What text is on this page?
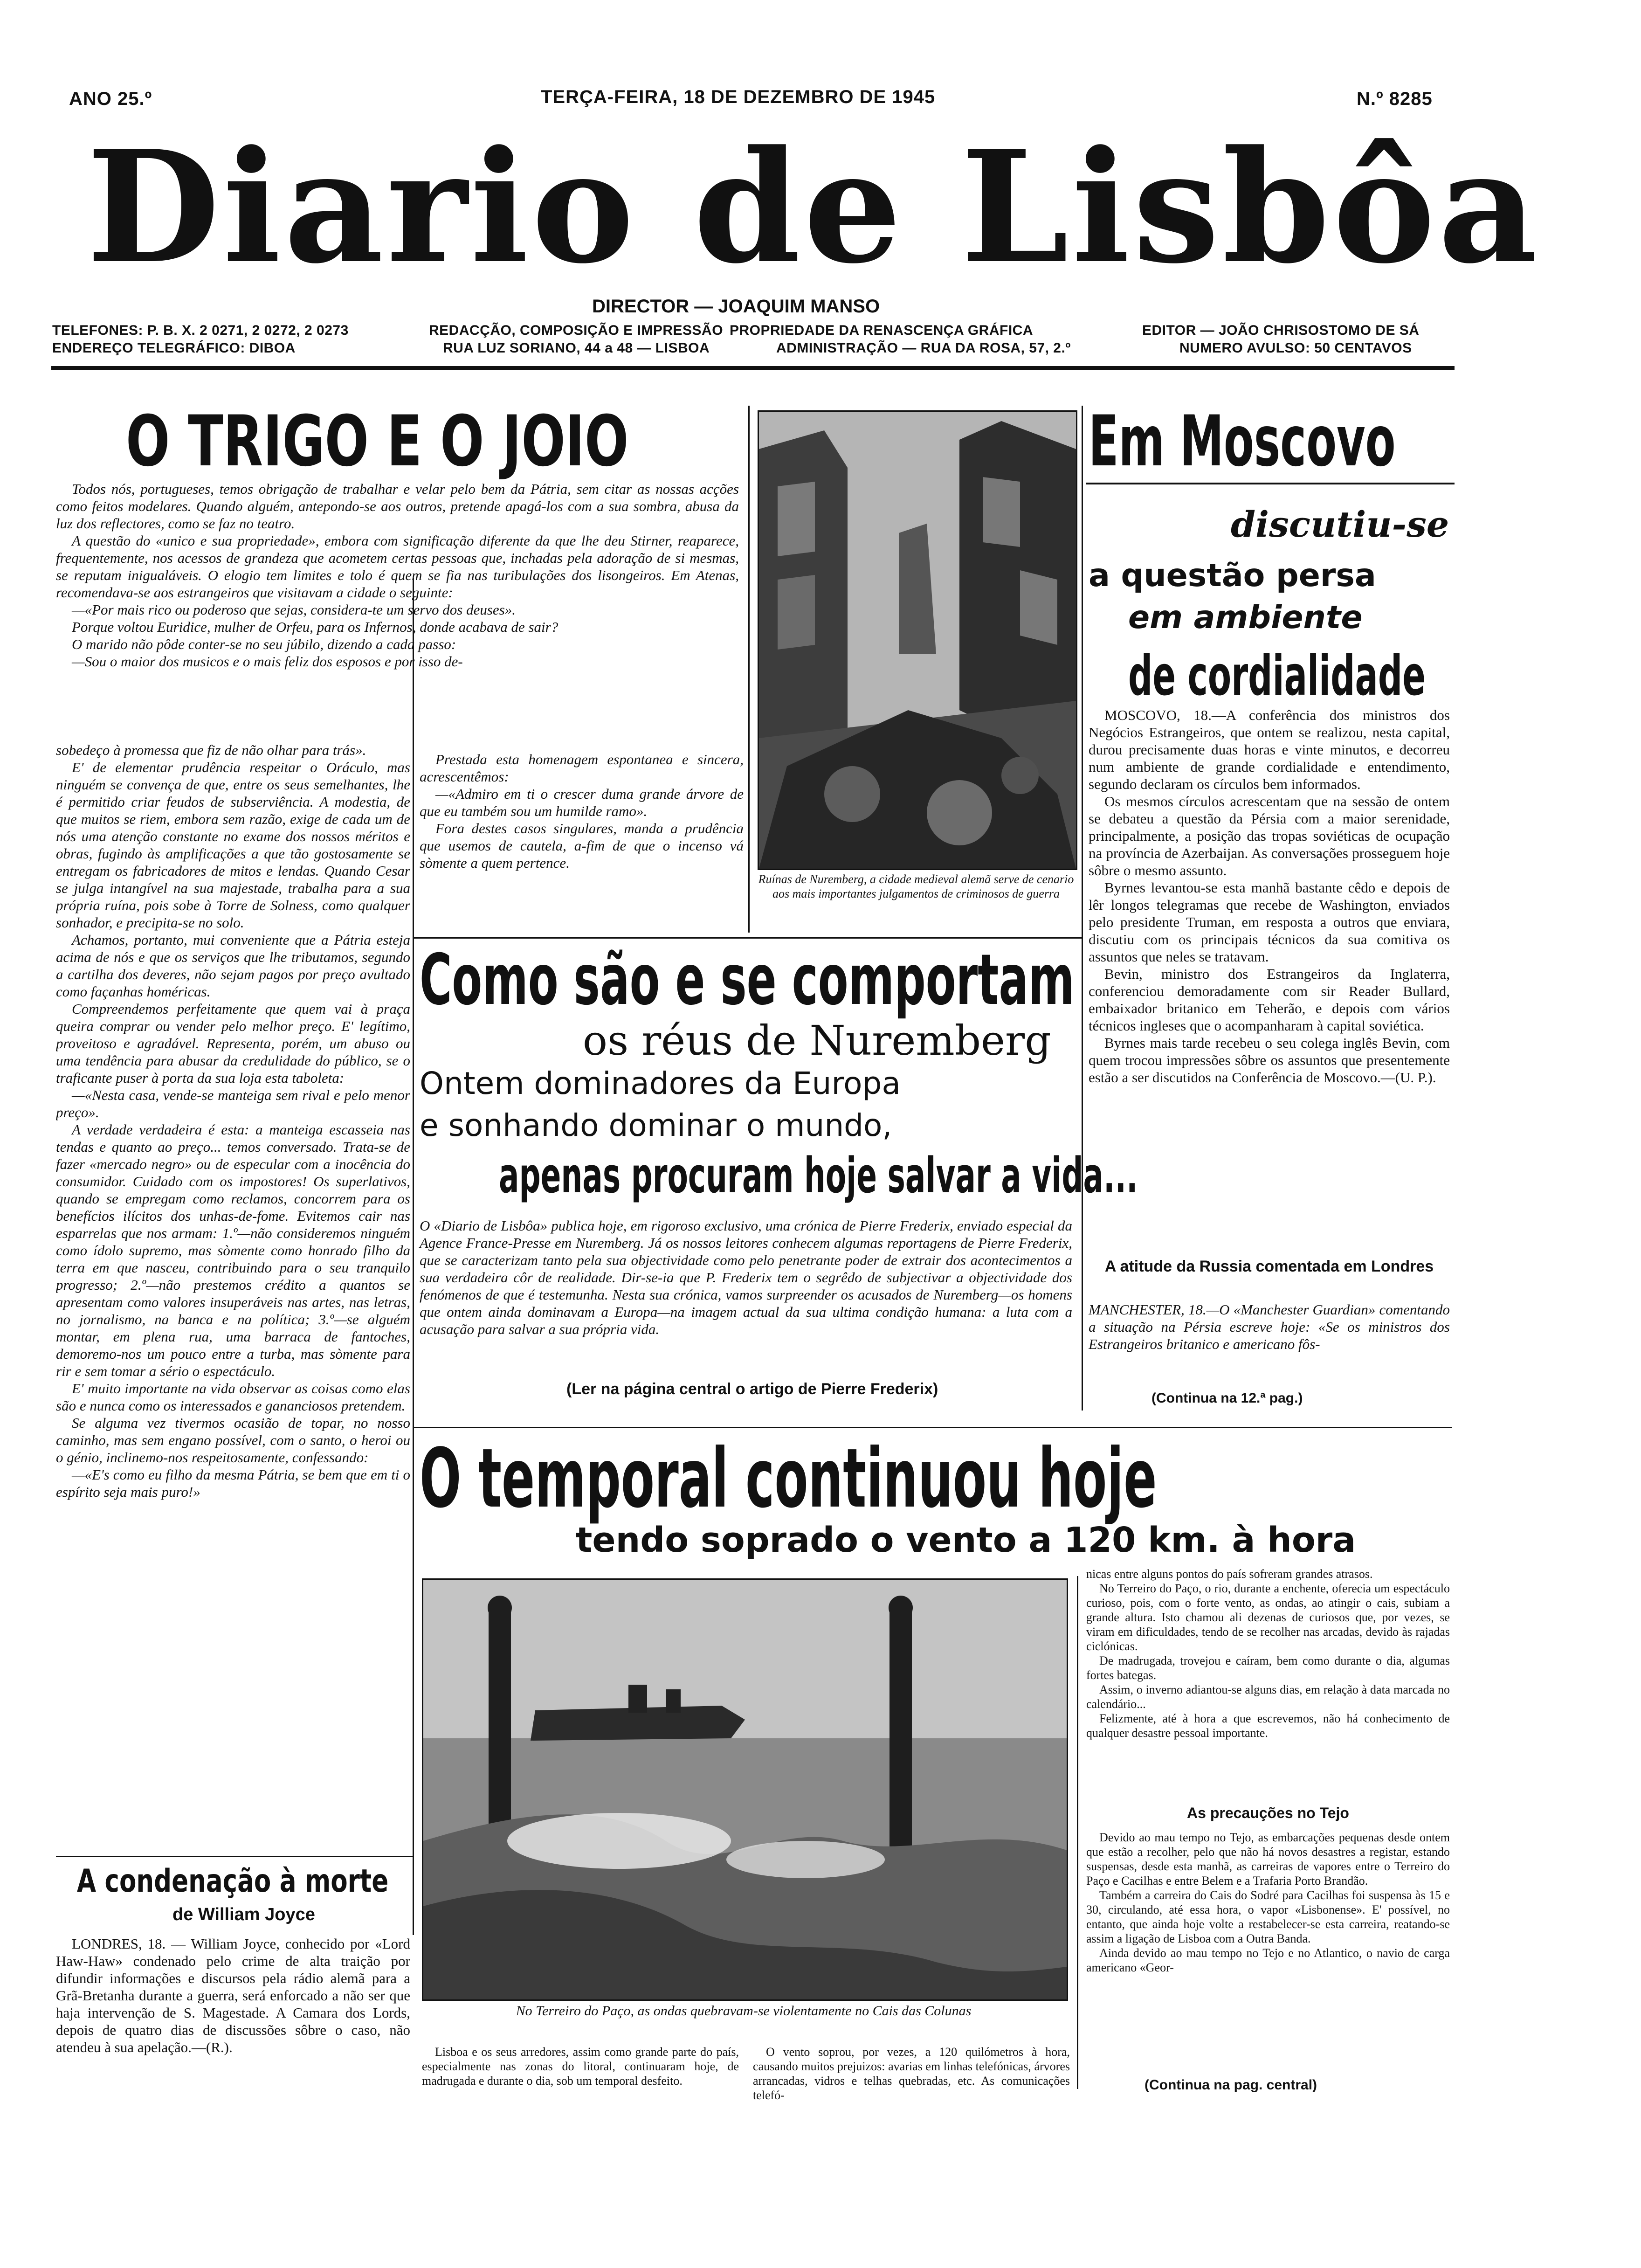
ANO 25.º	TERÇA-FEIRA, 18 DE DEZEMBRO DE 1945	N.º 8285
Diario de Lisbôa
DIRECTOR — JOAQUIM MANSO
TELEFONES: P. B. X. 2 0271, 2 0272, 2 0273
ENDEREÇO TELEGRÁFICO: DIBOA
REDACÇÃO, COMPOSIÇÃO E IMPRESSÃO
RUA LUZ SORIANO, 44 a 48 — LISBOA
PROPRIEDADE DA RENASCENÇA GRÁFICA
ADMINISTRAÇÃO — RUA DA ROSA, 57, 2.º
EDITOR — JOÃO CHRISOSTOMO DE SÁ
NUMERO AVULSO: 50 CENTAVOS
O TRIGO E O JOIO

Todos nós, portugueses, temos obrigação de trabalhar e velar pelo bem da Pátria, sem citar as nossas acções como feitos modelares. Quando alguém, antepondo-se aos outros, pretende apagá-los com a sua sombra, abusa da luz dos reflectores, como se faz no teatro.

A questão do «unico e sua propriedade», embora com significação diferente da que lhe deu Stirner, reaparece, frequentemente, nos acessos de grandeza que acometem certas pessoas que, inchadas pela adoração de si mesmas, se reputam inigualáveis. O elogio tem limites e tolo é quem se fia nas turibulações dos lisongeiros. Em Atenas, recomendava-se aos estrangeiros que visitavam a cidade o seguinte:

—«Por mais rico ou poderoso que sejas, considera-te um servo dos deuses».

Porque voltou Euridice, mulher de Orfeu, para os Infernos, donde acabava de sair?

O marido não pôde conter-se no seu júbilo, dizendo a cada passo:

—Sou o maior dos musicos e o mais feliz dos esposos e por isso de-

sobedeço à promessa que fiz de não olhar para trás».

E' de elementar prudência respeitar o Oráculo, mas ninguém se convença de que, entre os seus semelhantes, lhe é permitido criar feudos de subserviência. A modestia, de que muitos se riem, embora sem razão, exige de cada um de nós uma atenção constante no exame dos nossos méritos e obras, fugindo às amplificações a que tão gostosamente se entregam os fabricadores de mitos e lendas. Quando Cesar se julga intangível na sua majestade, trabalha para a sua própria ruína, pois sobe à Torre de Solness, como qualquer sonhador, e precipita-se no solo.

Achamos, portanto, mui conveniente que a Pátria esteja acima de nós e que os serviços que lhe tributamos, segundo a cartilha dos deveres, não sejam pagos por preço avultado como façanhas homéricas.

Compreendemos perfeitamente que quem vai à praça queira comprar ou vender pelo melhor preço. E' legítimo, proveitoso e agradável. Representa, porém, um abuso ou uma tendência para abusar da credulidade do público, se o traficante puser à porta da sua loja esta taboleta:

—«Nesta casa, vende-se manteiga sem rival e pelo menor preço».

A verdade verdadeira é esta: a manteiga escasseia nas tendas e quanto ao preço... temos conversado. Trata-se de fazer «mercado negro» ou de especular com a inocência do consumidor. Cuidado com os impostores! Os superlativos, quando se empregam como reclamos, concorrem para os benefícios ilícitos dos unhas-de-fome. Evitemos cair nas esparrelas que nos armam: 1.º—não consideremos ninguém como ídolo supremo, mas sòmente como honrado filho da terra em que nasceu, contribuindo para o seu tranquilo progresso; 2.º—não prestemos crédito a quantos se apresentam como valores insuperáveis nas artes, nas letras, no jornalismo, na banca e na política; 3.º—se alguém montar, em plena rua, uma barraca de fantoches, demoremo-nos um pouco entre a turba, mas sòmente para rir e sem tomar a sério o espectáculo.

E' muito importante na vida observar as coisas como elas são e nunca como os interessados e gananciosos pretendem.

Se alguma vez tivermos ocasião de topar, no nosso caminho, mas sem engano possível, com o santo, o heroi ou o génio, inclinemo-nos respeitosamente, confessando:

—«E's como eu filho da mesma Pátria, se bem que em ti o espírito seja mais puro!»

Prestada esta homenagem espontanea e sincera, acrescentêmos:

—«Admiro em ti o crescer duma grande árvore de que eu também sou um humilde ramo».

Fora destes casos singulares, manda a prudência que usemos de cautela, a-fim de que o incenso vá sòmente a quem pertence.

Ruínas de Nuremberg, a cidade medieval alemã serve de cenario aos mais importantes julgamentos de criminosos de guerra
Como são e se comportam
os réus de Nuremberg
Ontem dominadores da Europa
e sonhando dominar o mundo,
apenas procuram hoje salvar a vida...
O «Diario de Lisbôa» publica hoje, em rigoroso exclusivo, uma crónica de Pierre Frederix, enviado especial da Agence France-Presse em Nuremberg. Já os nossos leitores conhecem algumas reportagens de Pierre Frederix, que se caracterizam tanto pela sua objectividade como pelo penetrante poder de extrair dos acontecimentos a sua verdadeira côr de realidade. Dir-se-ia que P. Frederix tem o segrêdo de subjectivar a objectividade dos fenómenos de que é testemunha. Nesta sua crónica, vamos surpreender os acusados de Nuremberg—os homens que ontem ainda dominavam a Europa—na imagem actual da sua ultima condição humana: a luta com a acusação para salvar a sua própria vida.
(Ler na página central o artigo de Pierre Frederix)
Em Moscovo
discutiu-se
a questão persa
em ambiente
de cordialidade

MOSCOVO, 18.—A conferência dos ministros dos Negócios Estrangeiros, que ontem se realizou, nesta capital, durou precisamente duas horas e vinte minutos, e decorreu num ambiente de grande cordialidade e entendimento, segundo declaram os círculos bem informados.

Os mesmos círculos acrescentam que na sessão de ontem se debateu a questão da Pérsia com a maior serenidade, principalmente, a posição das tropas soviéticas de ocupação na província de Azerbaijan. As conversações prosseguem hoje sôbre o mesmo assunto.

Byrnes levantou-se esta manhã bastante cêdo e depois de lêr longos telegramas que recebe de Washington, enviados pelo presidente Truman, em resposta a outros que enviara, discutiu com os principais técnicos da sua comitiva os assuntos que neles se tratavam.

Bevin, ministro dos Estrangeiros da Inglaterra, conferenciou demoradamente com sir Reader Bullard, embaixador britanico em Teherão, e depois com vários técnicos ingleses que o acompanharam à capital soviética.

Byrnes mais tarde recebeu o seu colega inglês Bevin, com quem trocou impressões sôbre os assuntos que presentemente estão a ser discutidos na Conferência de Moscovo.—(U. P.).

A atitude da Russia comentada em Londres
MANCHESTER, 18.—O «Manchester Guardian» comentando a situação na Pérsia escreve hoje: «Se os ministros dos Estrangeiros britanico e americano fôs-
(Continua na 12.ª pag.)
O temporal continuou hoje
tendo soprado o vento a 120 km. à hora
No Terreiro do Paço, as ondas quebravam-se violentamente no Cais das Colunas

Lisboa e os seus arredores, assim como grande parte do país, especialmente nas zonas do litoral, continuaram hoje, de madrugada e durante o dia, sob um temporal desfeito.

O vento soprou, por vezes, a 120 quilómetros à hora, causando muitos prejuizos: avarias em linhas telefónicas, árvores arrancadas, vidros e telhas quebradas, etc. As comunicações telefó-

nicas entre alguns pontos do país sofreram grandes atrasos.

No Terreiro do Paço, o rio, durante a enchente, oferecia um espectáculo curioso, pois, com o forte vento, as ondas, ao atingir o cais, subiam a grande altura. Isto chamou ali dezenas de curiosos que, por vezes, se viram em dificuldades, tendo de se recolher nas arcadas, devido às rajadas ciclónicas.

De madrugada, trovejou e caíram, bem como durante o dia, algumas fortes bategas.

Assim, o inverno adiantou-se alguns dias, em relação à data marcada no calendário...

Felizmente, até à hora a que escrevemos, não há conhecimento de qualquer desastre pessoal importante.

As precauções no Tejo

Devido ao mau tempo no Tejo, as embarcações pequenas desde ontem que estão a recolher, pelo que não há novos desastres a registar, estando suspensas, desde esta manhã, as carreiras de vapores entre o Terreiro do Paço e Cacilhas e entre Belem e a Trafaria Porto Brandão.

Também a carreira do Cais do Sodré para Cacilhas foi suspensa às 15 e 30, circulando, até essa hora, o vapor «Lisbonense». E' possível, no entanto, que ainda hoje volte a restabelecer-se esta carreira, reatando-se assim a ligação de Lisboa com a Outra Banda.

Ainda devido ao mau tempo no Tejo e no Atlantico, o navio de carga americano «Geor-

(Continua na pag. central)
A condenação à morte
de William Joyce

LONDRES, 18. — William Joyce, conhecido por «Lord Haw-Haw» condenado pelo crime de alta traição por difundir informações e discursos pela rádio alemã para a Grã-Bretanha durante a guerra, será enforcado a não ser que haja intervenção de S. Magestade. A Camara dos Lords, depois de quatro dias de discussões sôbre o caso, não atendeu à sua apelação.—(R.).
